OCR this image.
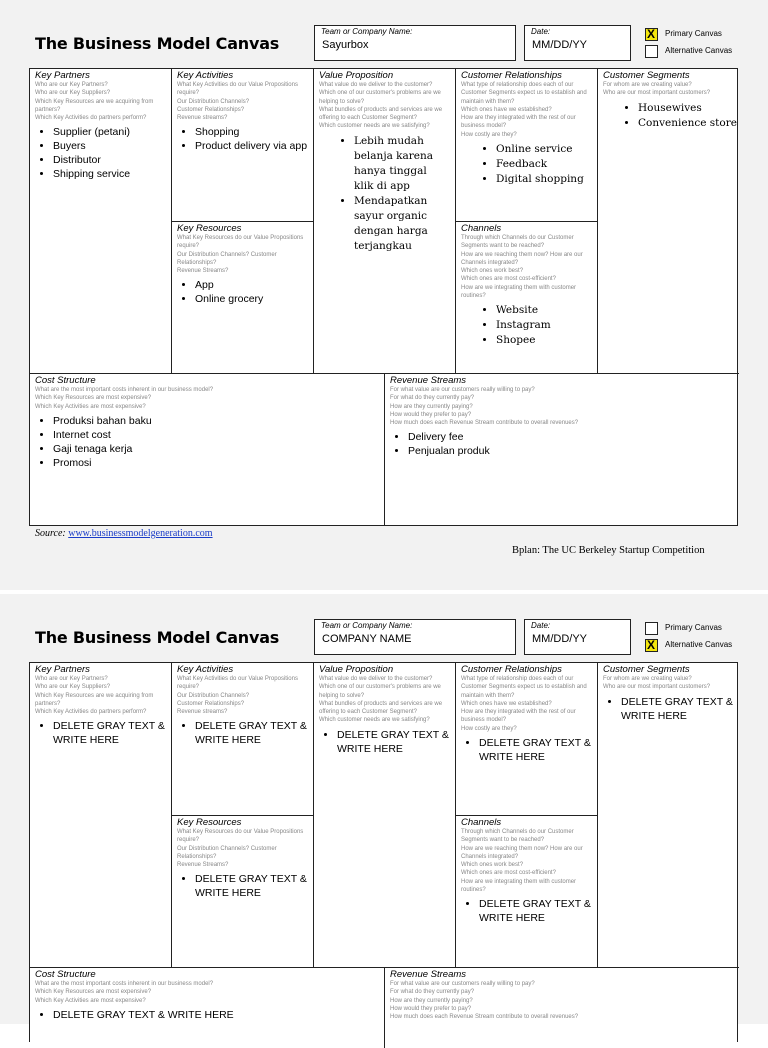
The Business Model Canvas
Team or Company Name:
Sayurbox
Date:
MM/DD/YY
X
Primary Canvas
Alternative Canvas
Key Partners
Who are our Key Partners?
Who are our Key Suppliers?
Which Key Resources are we acquiring from partners?
Which Key Activities do partners perform?
• Supplier (petani)
• Buyers
• Distributor
• Shipping service
Key Activities
What Key Activities do our Value Propositions require?
Our Distribution Channels?
Customer Relationships?
Revenue streams?
• Shopping
• Product delivery via app
Key Resources
What Key Resources do our Value Propositions require?
Our Distribution Channels? Customer Relationships?
Revenue Streams?
• App
• Online grocery
Value Proposition
What value do we deliver to the customer?
Which one of our customer's problems are we helping to solve?
What bundles of products and services are we offering to each Customer Segment?
Which customer needs are we satisfying?
• Lebih mudah belanja karena hanya tinggal klik di app
• Mendapatkan sayur organic dengan harga terjangkau
Customer Relationships
What type of relationship does each of our Customer Segments expect us to establish and maintain with them?
Which ones have we established?
How are they integrated with the rest of our business model?
How costly are they?
• Online service
• Feedback
• Digital shopping
Channels
Through which Channels do our Customer Segments want to be reached?
How are we reaching them now? How are our Channels integrated?
Which ones work best?
Which ones are most cost-efficient?
How are we integrating them with customer routines?
• Website
• Instagram
• Shopee
Customer Segments
For whom are we creating value?
Who are our most important customers?
• Housewives
• Convenience store
Cost Structure
What are the most important costs inherent in our business model?
Which Key Resources are most expensive?
Which Key Activities are most expensive?
• Produksi bahan baku
• Internet cost
• Gaji tenaga kerja
• Promosi
Revenue Streams
For what value are our customers really willing to pay?
For what do they currently pay?
How are they currently paying?
How would they prefer to pay?
How much does each Revenue Stream contribute to overall revenues?
• Delivery fee
• Penjualan produk
Source: www.businessmodelgeneration.com
Bplan: The UC Berkeley Startup Competition
The Business Model Canvas
Team or Company Name:
COMPANY NAME
Date:
MM/DD/YY
Primary Canvas
X
Alternative Canvas
Key Partners
Who are our Key Partners?
Who are our Key Suppliers?
Which Key Resources are we acquiring from partners?
Which Key Activities do partners perform?
• DELETE GRAY TEXT & WRITE HERE
Key Activities
What Key Activities do our Value Propositions require?
Our Distribution Channels?
Customer Relationships?
Revenue streams?
• DELETE GRAY TEXT & WRITE HERE
Key Resources
What Key Resources do our Value Propositions require?
Our Distribution Channels? Customer Relationships?
Revenue Streams?
• DELETE GRAY TEXT & WRITE HERE
Value Proposition
What value do we deliver to the customer?
Which one of our customer's problems are we helping to solve?
What bundles of products and services are we offering to each Customer Segment?
Which customer needs are we satisfying?
• DELETE GRAY TEXT & WRITE HERE
Customer Relationships
What type of relationship does each of our Customer Segments expect us to establish and maintain with them?
Which ones have we established?
How are they integrated with the rest of our business model?
How costly are they?
• DELETE GRAY TEXT & WRITE HERE
Channels
Through which Channels do our Customer Segments want to be reached?
How are we reaching them now? How are our Channels integrated?
Which ones work best?
Which ones are most cost-efficient?
How are we integrating them with customer routines?
• DELETE GRAY TEXT & WRITE HERE
Customer Segments
For whom are we creating value?
Who are our most important customers?
• DELETE GRAY TEXT & WRITE HERE
Cost Structure
What are the most important costs inherent in our business model?
Which Key Resources are most expensive?
Which Key Activities are most expensive?
• DELETE GRAY TEXT & WRITE HERE
Revenue Streams
For what value are our customers really willing to pay?
For what do they currently pay?
How are they currently paying?
How would they prefer to pay?
How much does each Revenue Stream contribute to overall revenues?
